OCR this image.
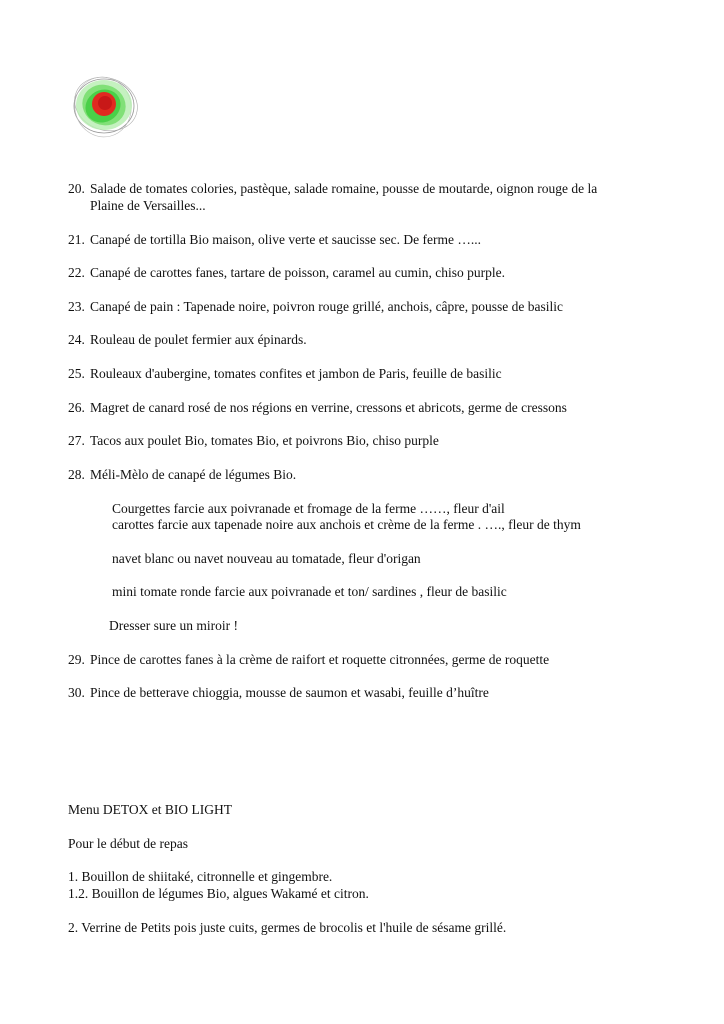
20. Salade de tomates colories, pastèque, salade romaine, pousse de moutarde, oignon rouge de la
Plaine de Versailles...
21. Canapé de tortilla Bio maison, olive verte et saucisse sec. De ferme …...
22. Canapé de carottes fanes, tartare de poisson, caramel au cumin, chiso purple.
23. Canapé de pain : Tapenade noire, poivron rouge grillé, anchois, câpre, pousse de basilic
24. Rouleau de poulet fermier aux épinards.
25. Rouleaux d'aubergine, tomates confites et jambon de Paris, feuille de basilic
26. Magret de canard rosé de nos régions en verrine, cressons et abricots, germe de cressons
27. Tacos aux poulet Bio, tomates Bio, et poivrons Bio, chiso purple
28. Méli-Mèlo de canapé de légumes Bio.
Courgettes farcie aux poivranade et fromage de la ferme ……, fleur d'ail
carottes farcie aux tapenade noire aux anchois et crème de la ferme . …., fleur de thym
navet blanc ou navet nouveau au tomatade, fleur d'origan
mini tomate ronde farcie aux poivranade et ton/ sardines , fleur de basilic
Dresser sure un miroir !
29. Pince de carottes fanes à la crème de raifort et roquette citronnées, germe de roquette
30. Pince de betterave chioggia, mousse de saumon et wasabi, feuille d’huître
Menu DETOX et BIO LIGHT
Pour le début de repas
1. Bouillon de shiitaké, citronnelle et gingembre.
1.2. Bouillon de légumes Bio, algues Wakamé et citron.
2. Verrine de Petits pois juste cuits, germes de brocolis et l'huile de sésame grillé.
